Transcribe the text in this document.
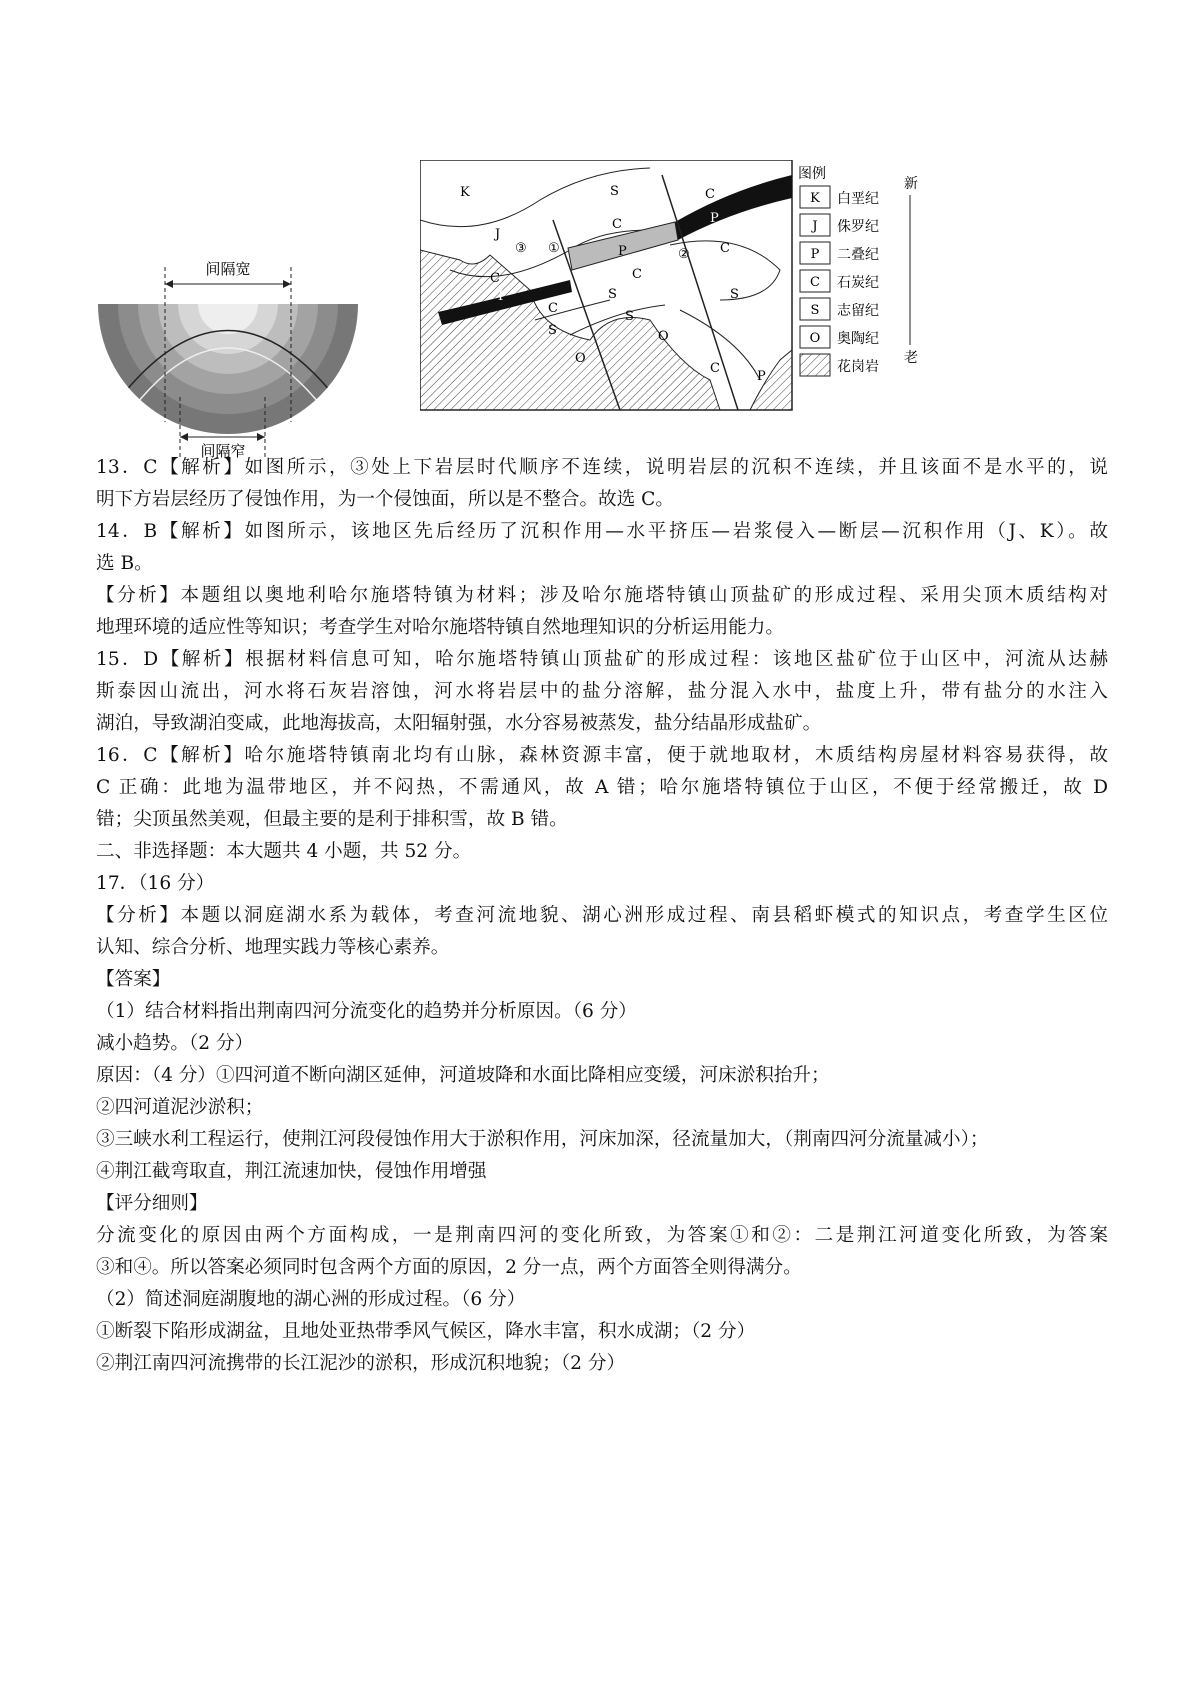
间隔宽
间隔窄
K
J
③ ①
S
C
C
P
② C
C
P
P
C
S
S
C
S
O
O
C
P
S
图例
K 白垩纪
J 侏罗纪
P 二叠纪
C 石炭纪
S 志留纪
O 奥陶纪
花岗岩
新
老

13．C【解析】如图所示，③处上下岩层时代顺序不连续，说明岩层的沉积不连续，并且该面不是水平的，说

明下方岩层经历了侵蚀作用，为一个侵蚀面，所以是不整合。故选 C。

14．B【解析】如图所示，该地区先后经历了沉积作用—水平挤压—岩浆侵入—断层—沉积作用（J、K）。故

选 B。

【分析】本题组以奥地利哈尔施塔特镇为材料；涉及哈尔施塔特镇山顶盐矿的形成过程、采用尖顶木质结构对

地理环境的适应性等知识；考查学生对哈尔施塔特镇自然地理知识的分析运用能力。

15．D【解析】根据材料信息可知，哈尔施塔特镇山顶盐矿的形成过程：该地区盐矿位于山区中，河流从达赫

斯泰因山流出，河水将石灰岩溶蚀，河水将岩层中的盐分溶解，盐分混入水中，盐度上升，带有盐分的水注入

湖泊，导致湖泊变咸，此地海拔高，太阳辐射强，水分容易被蒸发，盐分结晶形成盐矿。

16．C【解析】哈尔施塔特镇南北均有山脉，森林资源丰富，便于就地取材，木质结构房屋材料容易获得，故

C 正确：此地为温带地区，并不闷热，不需通风，故 A 错；哈尔施塔特镇位于山区，不便于经常搬迁，故 D

错；尖顶虽然美观，但最主要的是利于排积雪，故 B 错。

二、非选择题：本大题共 4 小题，共 52 分。

17．（16 分）

【分析】本题以洞庭湖水系为载体，考查河流地貌、湖心洲形成过程、南县稻虾模式的知识点，考查学生区位

认知、综合分析、地理实践力等核心素养。

【答案】

（1）结合材料指出荆南四河分流变化的趋势并分析原因。（6 分）

减小趋势。（2 分）

原因：（4 分）①四河道不断向湖区延伸，河道坡降和水面比降相应变缓，河床淤积抬升；

②四河道泥沙淤积；

③三峡水利工程运行，使荆江河段侵蚀作用大于淤积作用，河床加深，径流量加大，（荆南四河分流量减小）；

④荆江截弯取直，荆江流速加快，侵蚀作用增强

【评分细则】

分流变化的原因由两个方面构成，一是荆南四河的变化所致，为答案①和②：二是荆江河道变化所致，为答案

③和④。所以答案必须同时包含两个方面的原因，2 分一点，两个方面答全则得满分。

（2）简述洞庭湖腹地的湖心洲的形成过程。（6 分）

①断裂下陷形成湖盆，且地处亚热带季风气候区，降水丰富，积水成湖；（2 分）

②荆江南四河流携带的长江泥沙的淤积，形成沉积地貌；（2 分）
